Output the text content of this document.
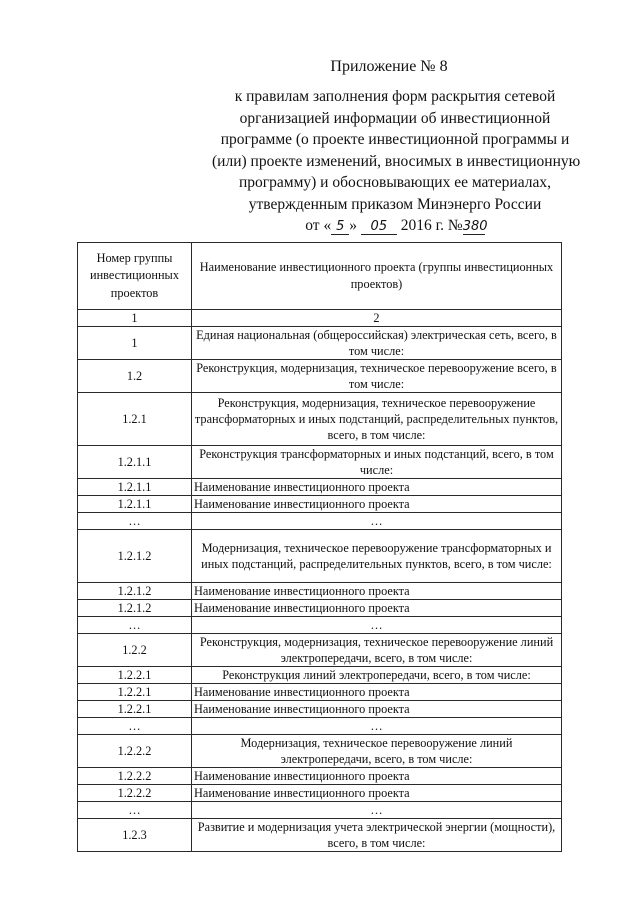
Приложение № 8
к правилам заполнения форм раскрытия сетевой
организацией информации об инвестиционной
программе (о проекте инвестиционной программы и
(или) проекте изменений, вносимых в инвестиционную
программу) и обосновывающих ее материалах,
утвержденным приказом Минэнерго России
от « 5 » 05 2016 г. №380
Номер группы инвестиционных проектов	Наименование инвестиционного проекта (группы инвестиционных проектов)
1	2
1	Единая национальная (общероссийская) электрическая сеть, всего, в том числе:
1.2	Реконструкция, модернизация, техническое перевооружение всего, в том числе:
1.2.1	Реконструкция, модернизация, техническое перевооружение трансформаторных и иных подстанций, распределительных пунктов, всего, в том числе:
1.2.1.1	Реконструкция трансформаторных и иных подстанций, всего, в том числе:
1.2.1.1	Наименование инвестиционного проекта
1.2.1.1	Наименование инвестиционного проекта
…	…
1.2.1.2	Модернизация, техническое перевооружение трансформаторных и иных подстанций, распределительных пунктов, всего, в том числе:
1.2.1.2	Наименование инвестиционного проекта
1.2.1.2	Наименование инвестиционного проекта
…	…
1.2.2	Реконструкция, модернизация, техническое перевооружение линий электропередачи, всего, в том числе:
1.2.2.1	Реконструкция линий электропередачи, всего, в том числе:
1.2.2.1	Наименование инвестиционного проекта
1.2.2.1	Наименование инвестиционного проекта
…	…
1.2.2.2	Модернизация, техническое перевооружение линий электропередачи, всего, в том числе:
1.2.2.2	Наименование инвестиционного проекта
1.2.2.2	Наименование инвестиционного проекта
…	…
1.2.3	Развитие и модернизация учета электрической энергии (мощности), всего, в том числе:
